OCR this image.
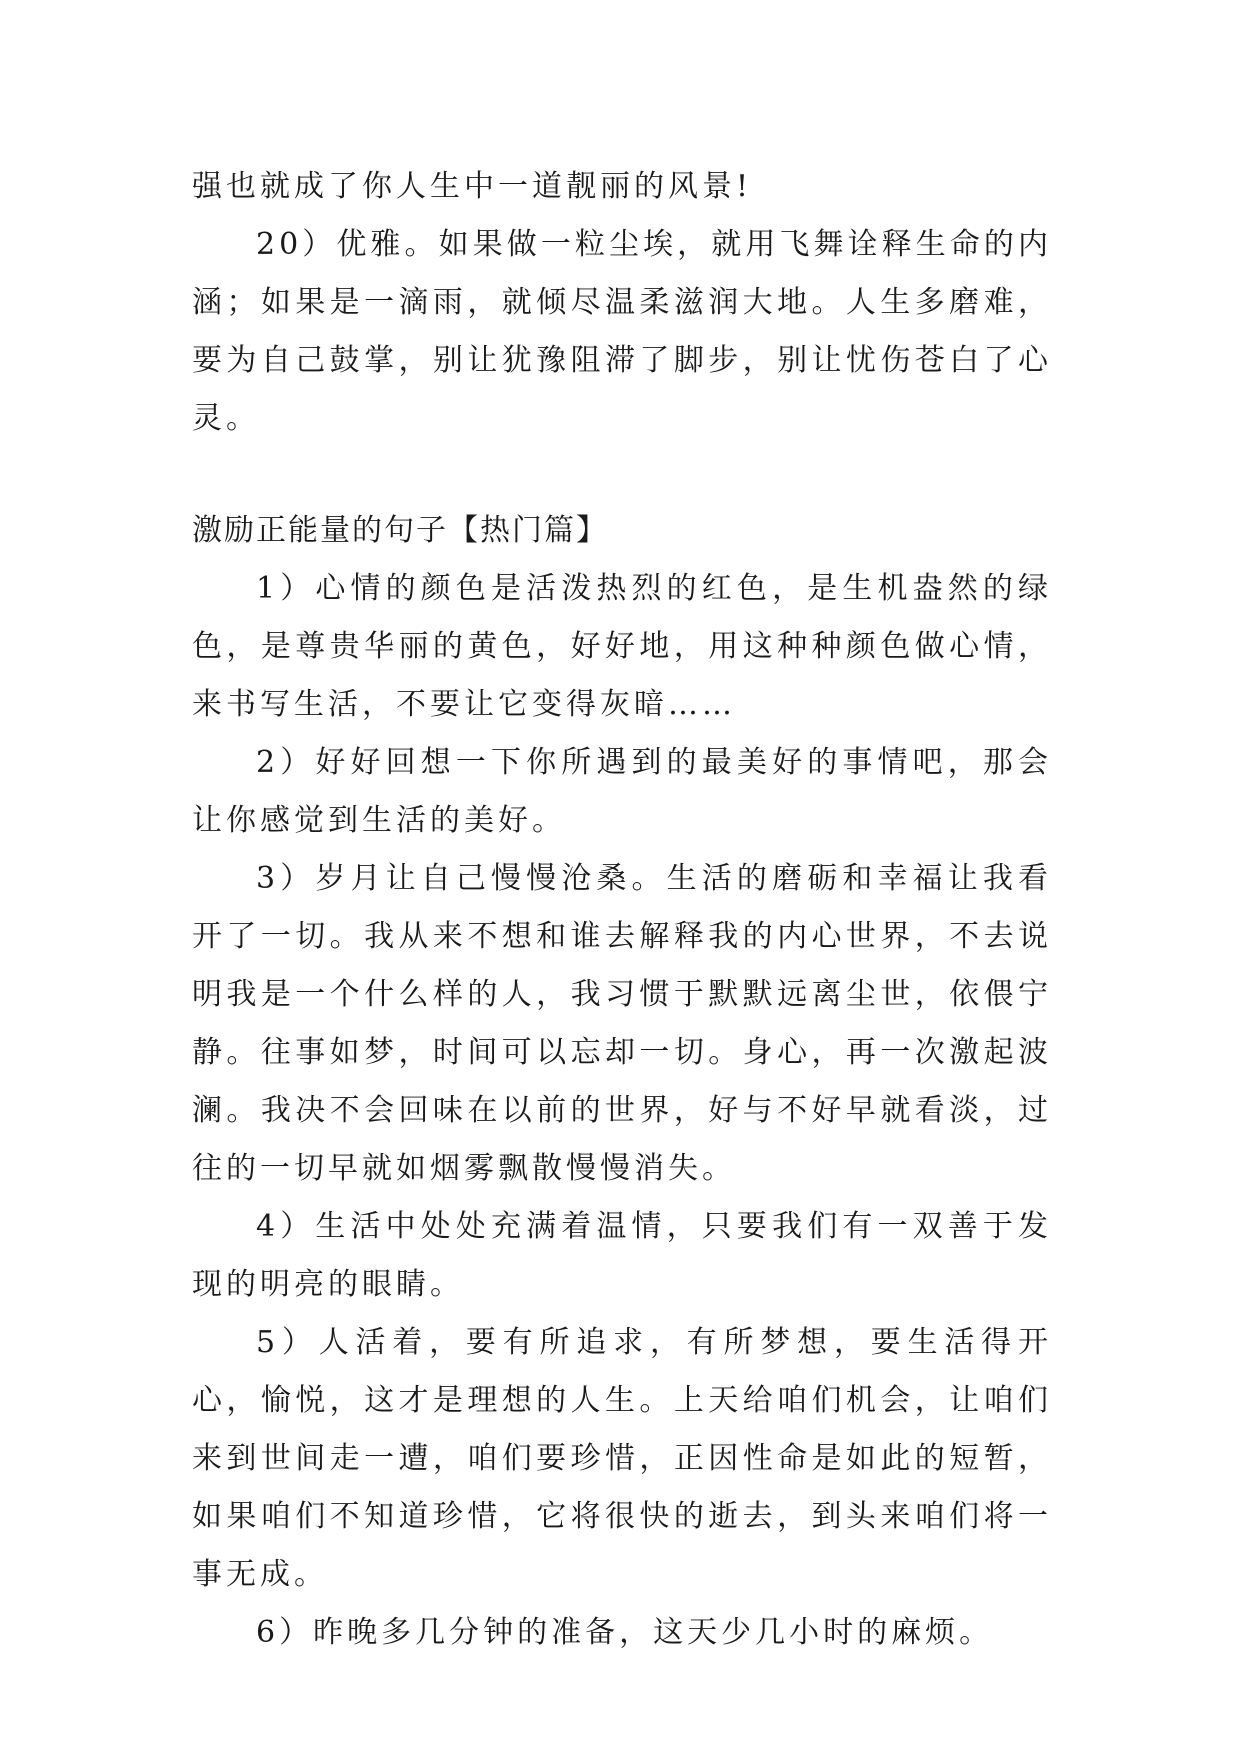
强也就成了你人生中一道靓丽的风景!

20）优雅。如果做一粒尘埃，就用飞舞诠释生命的内涵；如果是一滴雨，就倾尽温柔滋润大地。人生多磨难，要为自己鼓掌，别让犹豫阻滞了脚步，别让忧伤苍白了心灵。

激励正能量的句子【热门篇】

1）心情的颜色是活泼热烈的红色，是生机盎然的绿色，是尊贵华丽的黄色，好好地，用这种种颜色做心情，来书写生活，不要让它变得灰暗……

2）好好回想一下你所遇到的最美好的事情吧，那会让你感觉到生活的美好。

3）岁月让自己慢慢沧桑。生活的磨砺和幸福让我看开了一切。我从来不想和谁去解释我的内心世界，不去说明我是一个什么样的人，我习惯于默默远离尘世，依偎宁静。往事如梦，时间可以忘却一切。身心，再一次激起波澜。我决不会回味在以前的世界，好与不好早就看淡，过往的一切早就如烟雾飘散慢慢消失。

4）生活中处处充满着温情，只要我们有一双善于发现的明亮的眼睛。

5）人活着，要有所追求，有所梦想，要生活得开心，愉悦，这才是理想的人生。上天给咱们机会，让咱们来到世间走一遭，咱们要珍惜，正因性命是如此的短暂，如果咱们不知道珍惜，它将很快的逝去，到头来咱们将一事无成。

6）昨晚多几分钟的准备，这天少几小时的麻烦。
